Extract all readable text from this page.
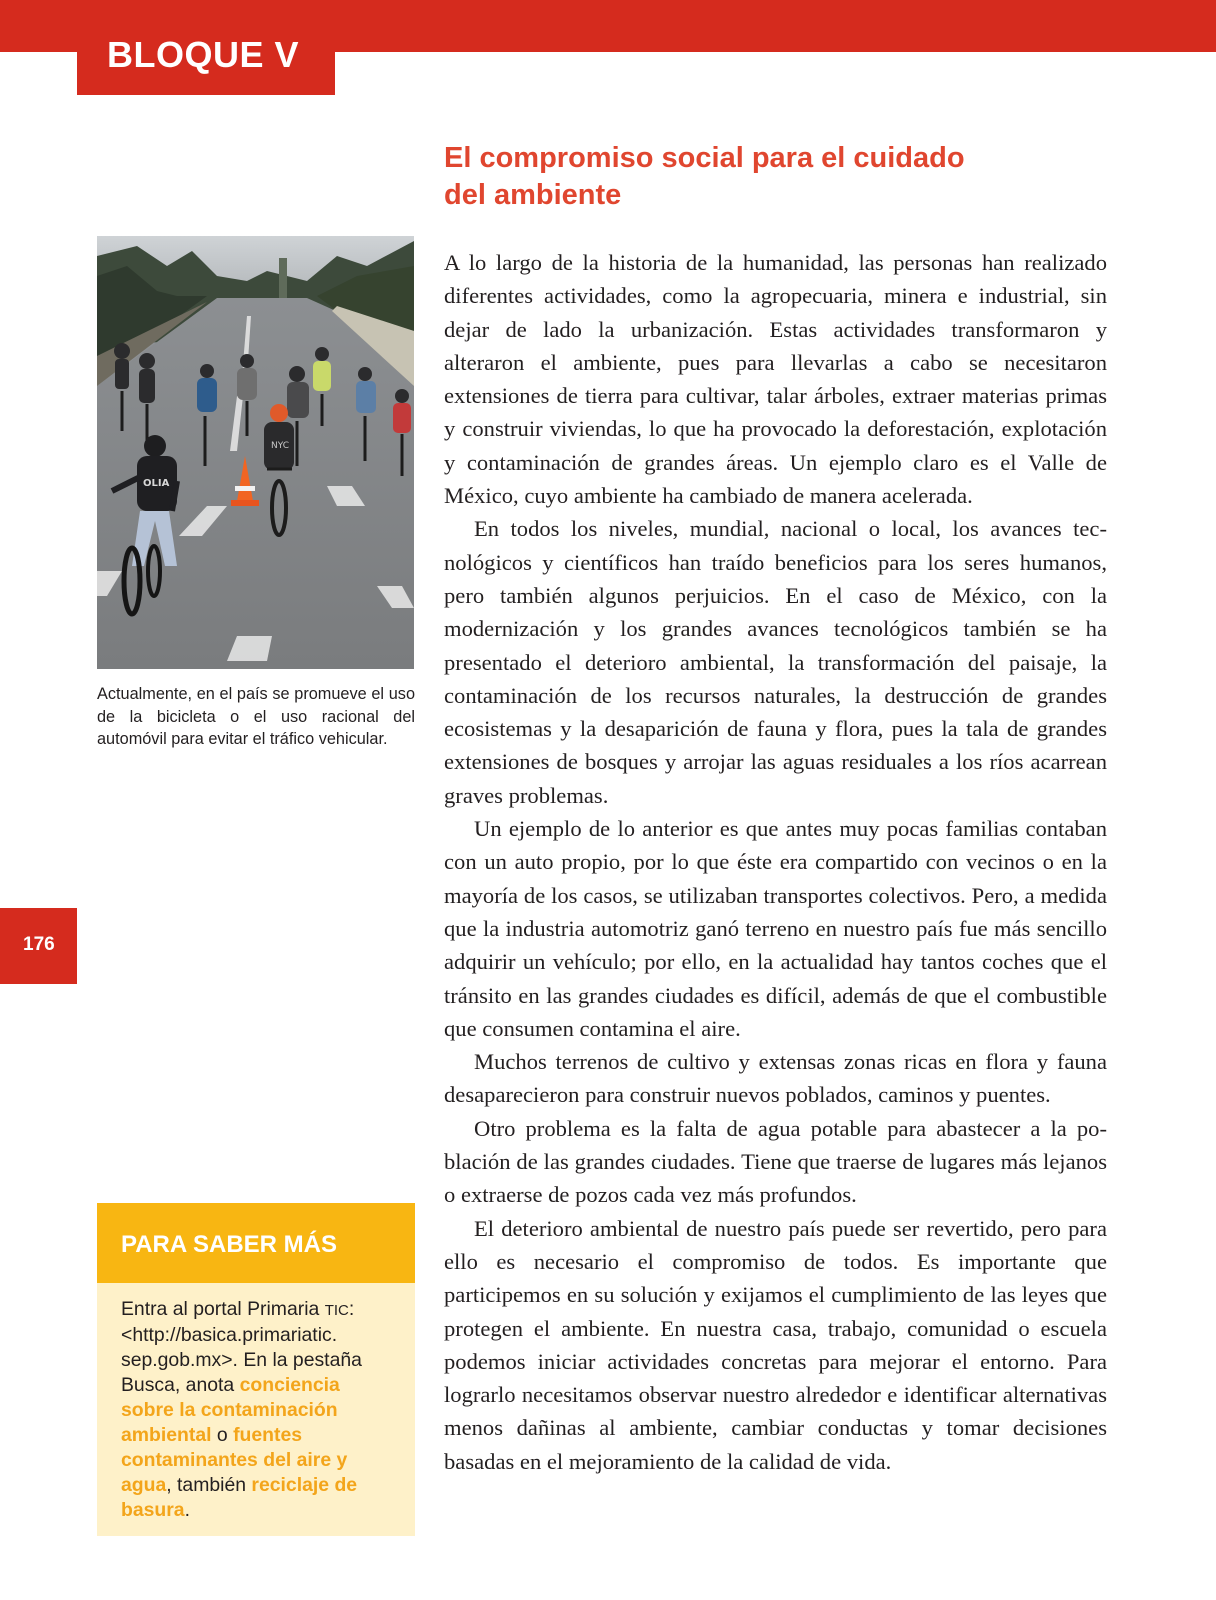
BLOQUE V
176
El compromiso social para el cuidado
del ambiente
NYC
OLIA
Actualmente, en el país se promueve el uso de la bicicleta o el uso racional del automóvil para evitar el tráfico vehicular.
PARA SABER MÁS
Entra al portal Primaria TIC: <http://basica.primariatic. sep.gob.mx>. En la pestaña Busca, anota conciencia sobre la contaminación ambiental o fuentes contaminantes del aire y agua, también reciclaje de basura.

A lo largo de la historia de la humanidad, las personas han realizado diferentes actividades, como la agropecuaria, minera e industrial, sin dejar de lado la urbanización. Estas actividades transformaron y alteraron el ambiente, pues para llevarlas a cabo se necesitaron extensiones de tierra para cultivar, talar árboles, extraer materias primas y construir viviendas, lo que ha provocado la deforestación, explotación y contaminación de grandes áreas. Un ejemplo claro es el Valle de México, cuyo ambiente ha cambiado de manera acelerada.

En todos los niveles, mundial, nacional o local, los avances tecnológicos y científicos han traído beneficios para los seres humanos, pero también algunos perjuicios. En el caso de México, con la modernización y los grandes avances tecnológicos también se ha presentado el deterioro ambiental, la transformación del paisaje, la contaminación de los recursos naturales, la destrucción de grandes ecosistemas y la desaparición de fauna y flora, pues la tala de grandes extensiones de bosques y arrojar las aguas residuales a los ríos acarrean graves problemas.

Un ejemplo de lo anterior es que antes muy pocas familias contaban con un auto propio, por lo que éste era compartido con vecinos o en la mayoría de los casos, se utilizaban transportes colectivos. Pero, a medida que la industria automotriz ganó terreno en nuestro país fue más sencillo adquirir un vehículo; por ello, en la actualidad hay tantos coches que el tránsito en las grandes ciudades es difícil, además de que el combustible que consumen contamina el aire.

Muchos terrenos de cultivo y extensas zonas ricas en flora y fauna desaparecieron para construir nuevos poblados, caminos y puentes.

Otro problema es la falta de agua potable para abastecer a la población de las grandes ciudades. Tiene que traerse de lugares más lejanos o extraerse de pozos cada vez más profundos.

El deterioro ambiental de nuestro país puede ser revertido, pero para ello es necesario el compromiso de todos. Es importante que participemos en su solución y exijamos el cumplimiento de las leyes que protegen el ambiente. En nuestra casa, trabajo, comunidad o escuela podemos iniciar actividades concretas para mejorar el entorno. Para lograrlo necesitamos observar nuestro alrededor e identificar alternativas menos dañinas al ambiente, cambiar conductas y tomar decisiones basadas en el mejoramiento de la calidad de vida.
